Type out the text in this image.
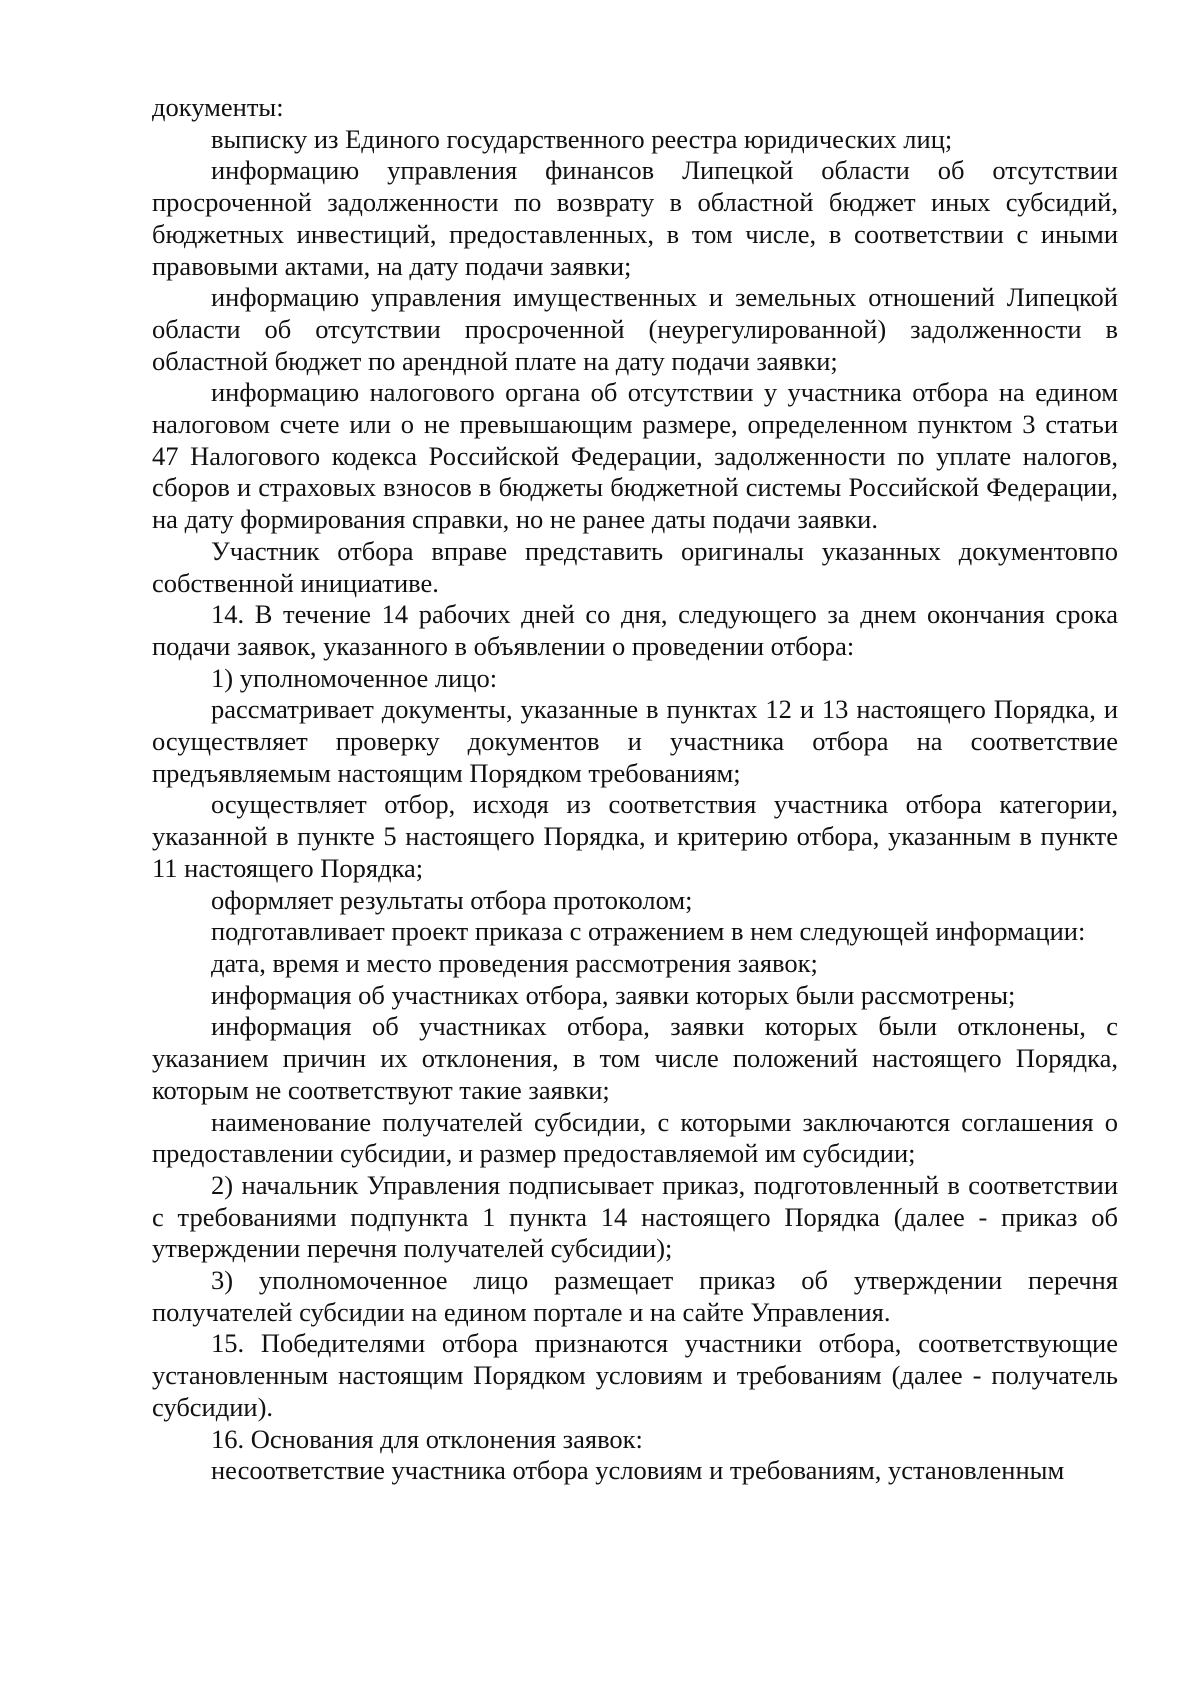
документы:

выписку из Единого государственного реестра юридических лиц;

информацию управления финансов Липецкой области об отсутствии просроченной задолженности по возврату в областной бюджет иных субсидий, бюджетных инвестиций, предоставленных, в том числе, в соответствии с иными правовыми актами, на дату подачи заявки;

информацию управления имущественных и земельных отношений Липецкой области об отсутствии просроченной (неурегулированной) задолженности в областной бюджет по арендной плате на дату подачи заявки;

информацию налогового органа об отсутствии у участника отбора на едином налоговом счете или о не превышающим размере, определенном пунктом 3 статьи 47 Налогового кодекса Российской Федерации, задолженности по уплате налогов, сборов и страховых взносов в бюджеты бюджетной системы Российской Федерации, на дату формирования справки, но не ранее даты подачи заявки.

Участник отбора вправе представить оригиналы указанных документовпо собственной инициативе.

14. В течение 14 рабочих дней со дня, следующего за днем окончания срока подачи заявок, указанного в объявлении о проведении отбора:

1) уполномоченное лицо:

рассматривает документы, указанные в пунктах 12 и 13 настоящего Порядка, и осуществляет проверку документов и участника отбора на соответствие предъявляемым настоящим Порядком требованиям;

осуществляет отбор, исходя из соответствия участника отбора категории, указанной в пункте 5 настоящего Порядка, и критерию отбора, указанным в пункте 11 настоящего Порядка;

оформляет результаты отбора протоколом;

подготавливает проект приказа с отражением в нем следующей информации:

дата, время и место проведения рассмотрения заявок;

информация об участниках отбора, заявки которых были рассмотрены;

информация об участниках отбора, заявки которых были отклонены, с указанием причин их отклонения, в том числе положений настоящего Порядка, которым не соответствуют такие заявки;

наименование получателей субсидии, с которыми заключаются соглашения о предоставлении субсидии, и размер предоставляемой им субсидии;

2) начальник Управления подписывает приказ, подготовленный в соответствии с требованиями подпункта 1 пункта 14 настоящего Порядка (далее - приказ об утверждении перечня получателей субсидии);

3) уполномоченное лицо размещает приказ об утверждении перечня получателей субсидии на едином портале и на сайте Управления.

15. Победителями отбора признаются участники отбора, соответствующие установленным настоящим Порядком условиям и требованиям (далее - получатель субсидии).

16. Основания для отклонения заявок:

несоответствие участника отбора условиям и требованиям, установленным
